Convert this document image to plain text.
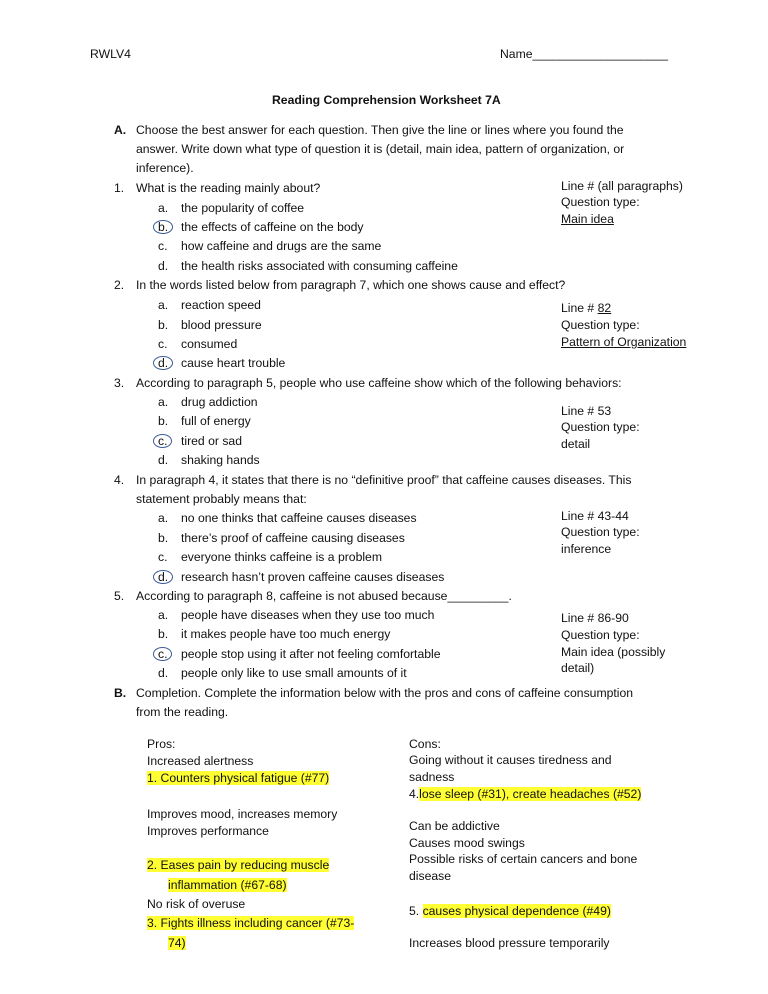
RWLV4	Name____________________
Reading Comprehension Worksheet 7A
A. Choose the best answer for each question. Then give the line or lines where you found the
answer. Write down what type of question it is (detail, main idea, pattern of organization, or
inference).
1. What is the reading mainly about?
a. the popularity of coffee
b.	the effects of caffeine on the body
c. how caffeine and drugs are the same
d. the health risks associated with consuming caffeine
Line # (all paragraphs)
Question type:
Main idea
2. In the words listed below from paragraph 7, which one shows cause and effect?
a. reaction speed
b. blood pressure
c. consumed
d.	cause heart trouble
Line # 82
Question type:
Pattern of Organization
3. According to paragraph 5, people who use caffeine show which of the following behaviors:
a. drug addiction
b. full of energy
c.	tired or sad
d. shaking hands
Line # 53
Question type:
detail
4. In paragraph 4, it states that there is no “definitive proof” that caffeine causes diseases. This
statement probably means that:
a. no one thinks that caffeine causes diseases
b. there’s proof of caffeine causing diseases
c. everyone thinks caffeine is a problem
d.	research hasn’t proven caffeine causes diseases
Line # 43-44
Question type:
inference
5. According to paragraph 8, caffeine is not abused because_________.
a. people have diseases when they use too much
b. it makes people have too much energy
c.	people stop using it after not feeling comfortable
d. people only like to use small amounts of it
Line # 86-90
Question type:
Main idea (possibly
detail)
B. Completion. Complete the information below with the pros and cons of caffeine consumption
from the reading.
Pros:
Increased alertness
1. Counters physical fatigue (#77)
Improves mood, increases memory
Improves performance
2. Eases pain by reducing muscle
inflammation (#67-68)
No risk of overuse
3. Fights illness including cancer (#73-
74)
Cons:
Going without it causes tiredness and
sadness
4.lose sleep (#31), create headaches (#52)
Can be addictive
Causes mood swings
Possible risks of certain cancers and bone
disease
5. causes physical dependence (#49)
Increases blood pressure temporarily
